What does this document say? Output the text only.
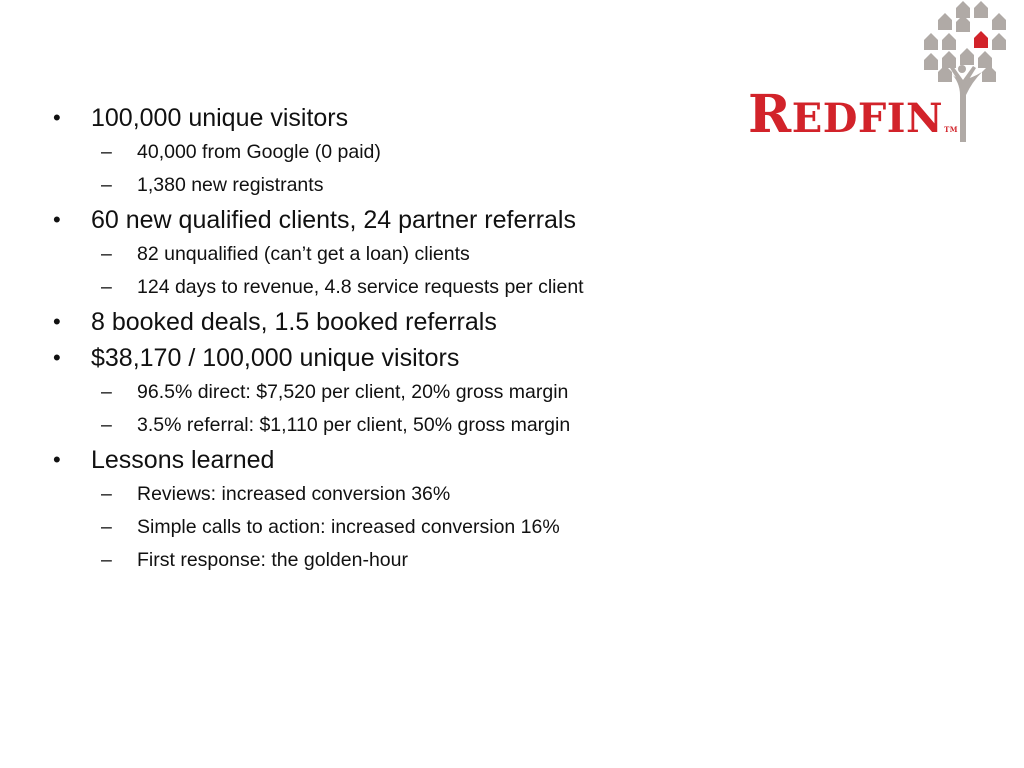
REDFINTM
• 100,000 unique visitors
– 40,000 from Google (0 paid)
– 1,380 new registrants
• 60 new qualified clients, 24 partner referrals
– 82 unqualified (can’t get a loan) clients
– 124 days to revenue, 4.8 service requests per client
• 8 booked deals, 1.5 booked referrals
• $38,170 / 100,000 unique visitors
– 96.5% direct: $7,520 per client, 20% gross margin
– 3.5% referral: $1,110 per client, 50% gross margin
• Lessons learned
– Reviews: increased conversion 36%
– Simple calls to action: increased conversion 16%
– First response: the golden-hour
